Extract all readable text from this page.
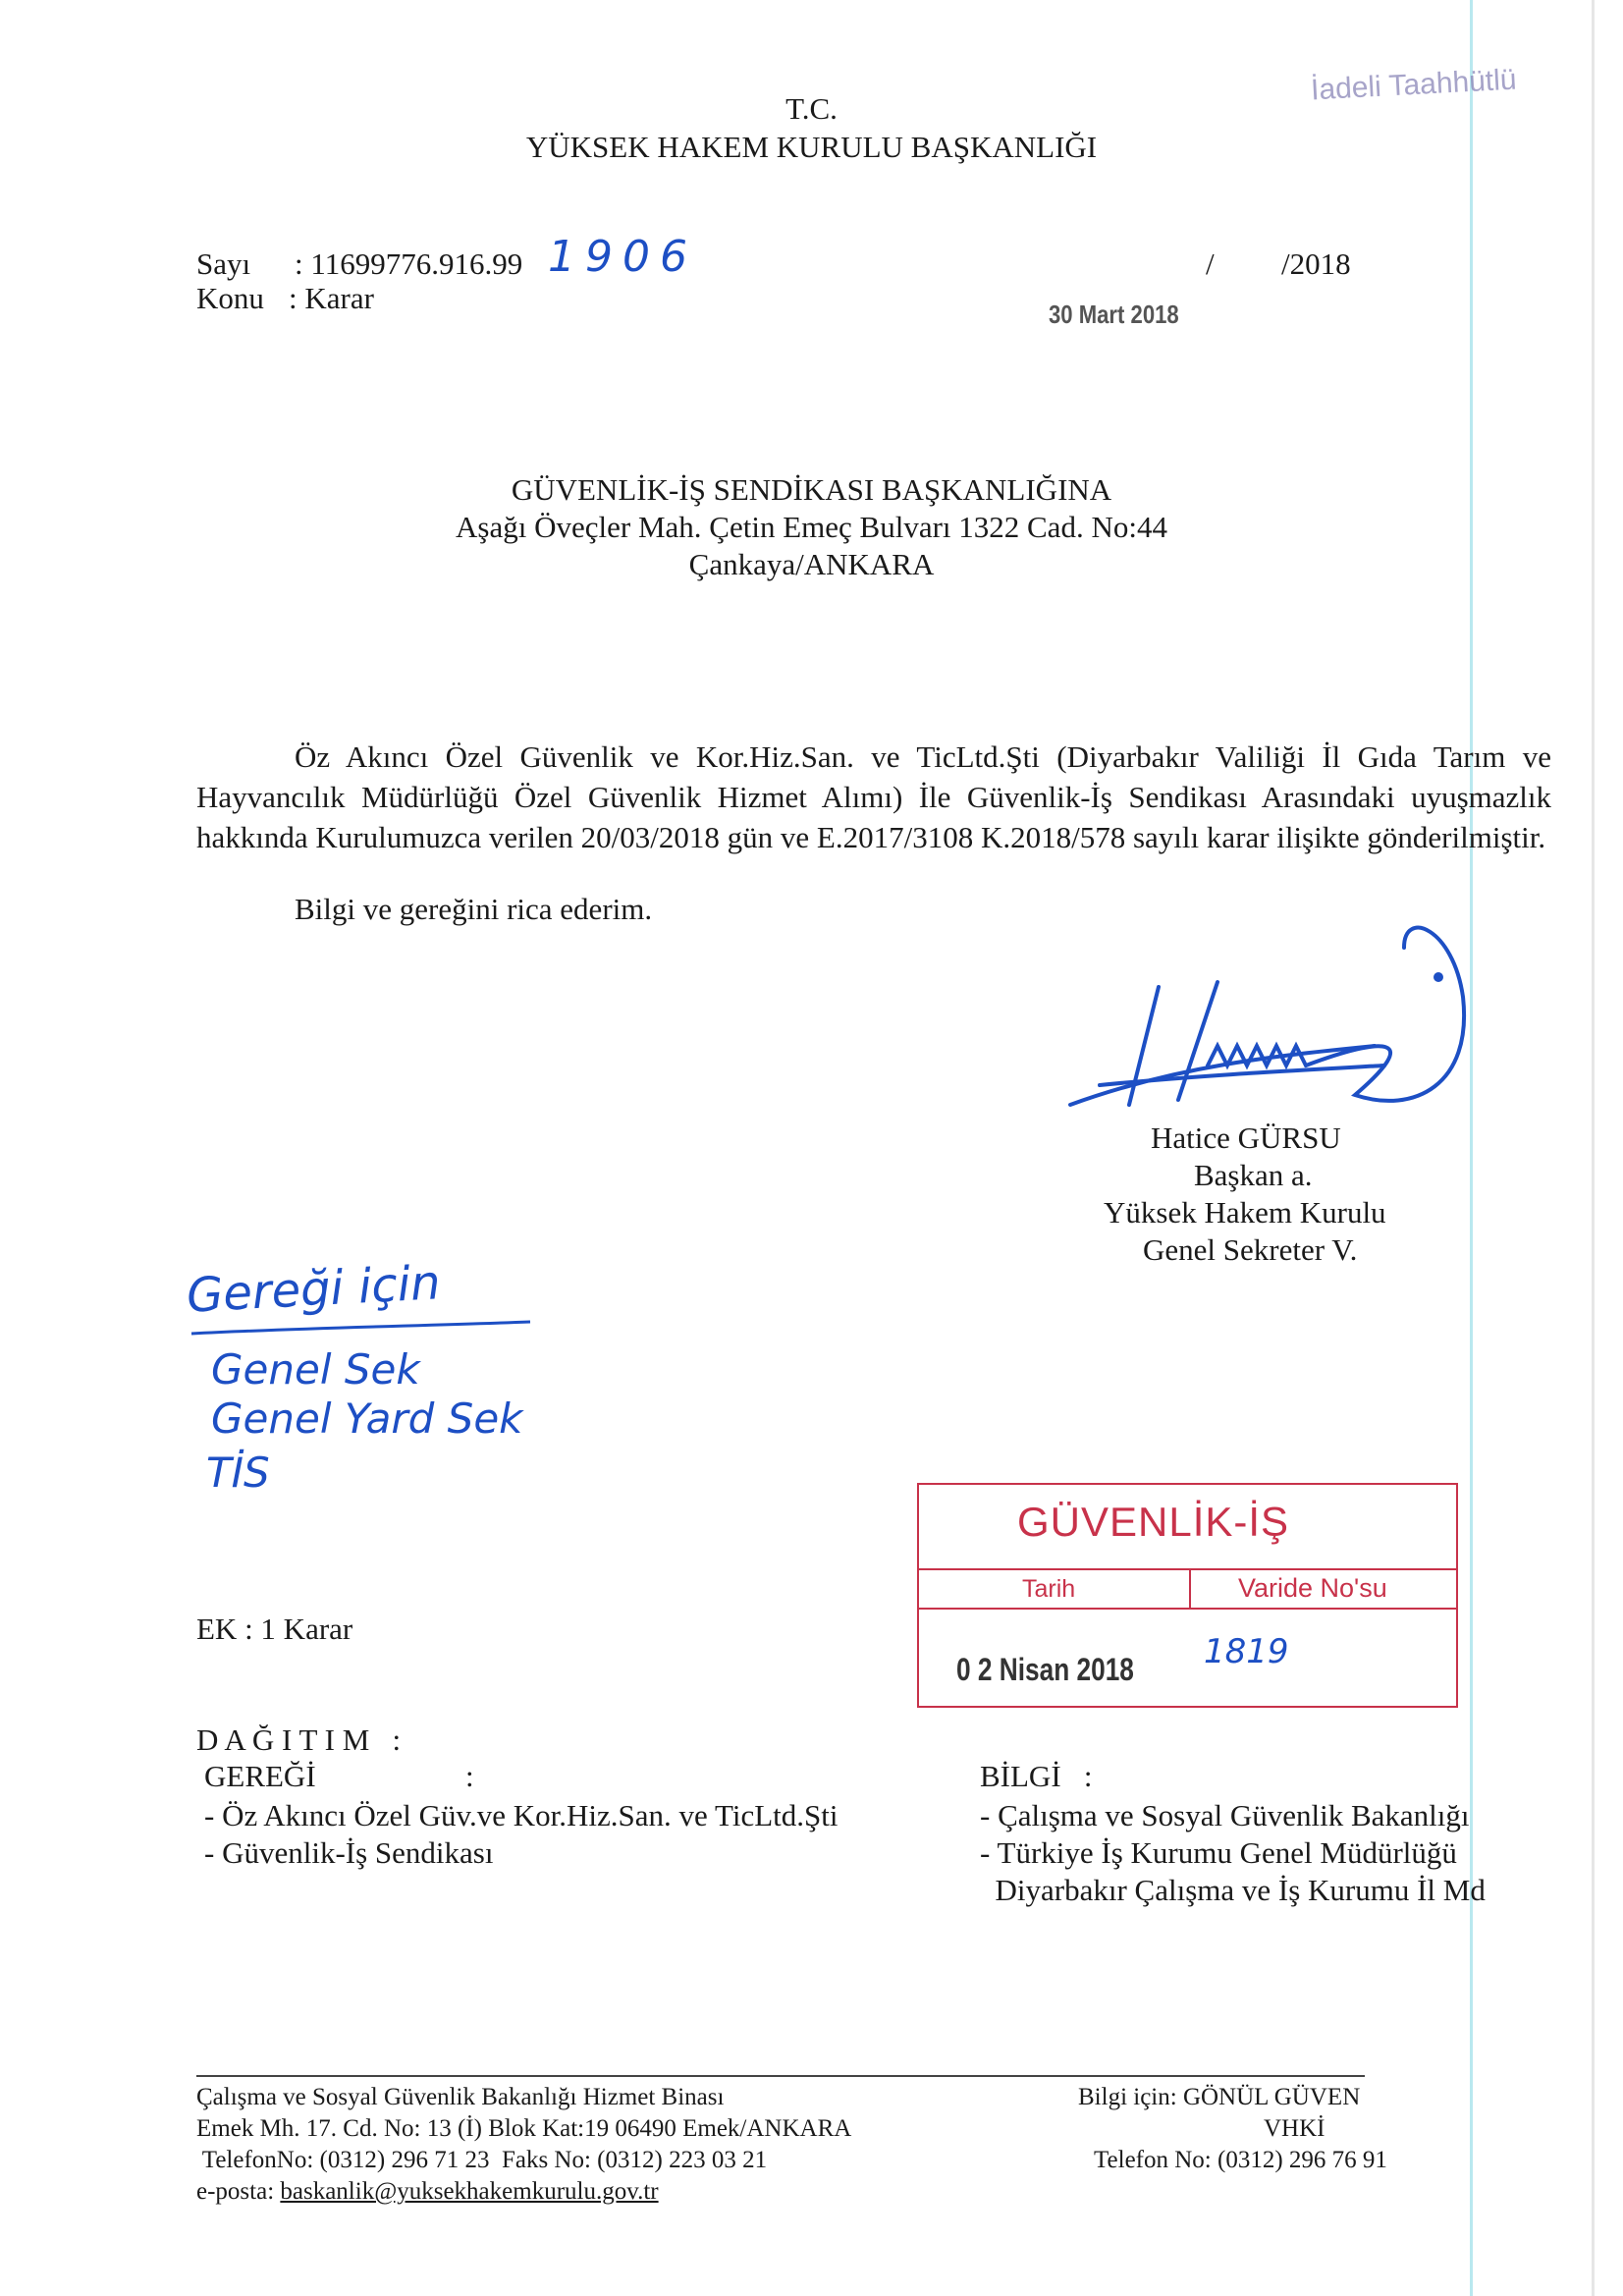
T.C.
YÜKSEK HAKEM KURULU BAŞKANLIĞI
İadeli Taahhütlü
Sayı : 11699776.916.99 1906
Konu : Karar
/ /2018
30 Mart 2018
GÜVENLİK-İŞ SENDİKASI BAŞKANLIĞINA
Aşağı Öveçler Mah. Çetin Emeç Bulvarı 1322 Cad. No:44
Çankaya/ANKARA
Öz Akıncı Özel Güvenlik ve Kor.Hiz.San. ve TicLtd.Şti (Diyarbakır Valiliği İl Gıda Tarım ve Hayvancılık Müdürlüğü Özel Güvenlik Hizmet Alımı) İle Güvenlik-İş Sendikası Arasındaki uyuşmazlık hakkında Kurulumuzca verilen 20/03/2018 gün ve E.2017/3108 K.2018/578 sayılı karar ilişikte gönderilmiştir.
Bilgi ve gereğini rica ederim.
Hatice GÜRSU
Başkan a.
Yüksek Hakem Kurulu
Genel Sekreter V.
Gereği için
Genel Sek
Genel Yard Sek
TİS
GÜVENLİK-İŞ
Tarih	Varide No'su
0 2 Nisan 2018 1819
EK : 1 Karar
D A Ğ I T I M   :
GEREĞİ	:
- Öz Akıncı Özel Güv.ve Kor.Hiz.San. ve TicLtd.Şti
- Güvenlik-İş Sendikası
BİLGİ   :
- Çalışma ve Sosyal Güvenlik Bakanlığı
- Türkiye İş Kurumu Genel Müdürlüğü
Diyarbakır Çalışma ve İş Kurumu İl Md
Çalışma ve Sosyal Güvenlik Bakanlığı Hizmet Binası
Emek Mh. 17. Cd. No: 13 (İ) Blok Kat:19 06490 Emek/ANKARA
TelefonNo: (0312) 296 71 23  Faks No: (0312) 223 03 21
e-posta: baskanlik@yuksekhakemkurulu.gov.tr
Bilgi için: GÖNÜL GÜVEN
VHKİ
Telefon No: (0312) 296 76 91
